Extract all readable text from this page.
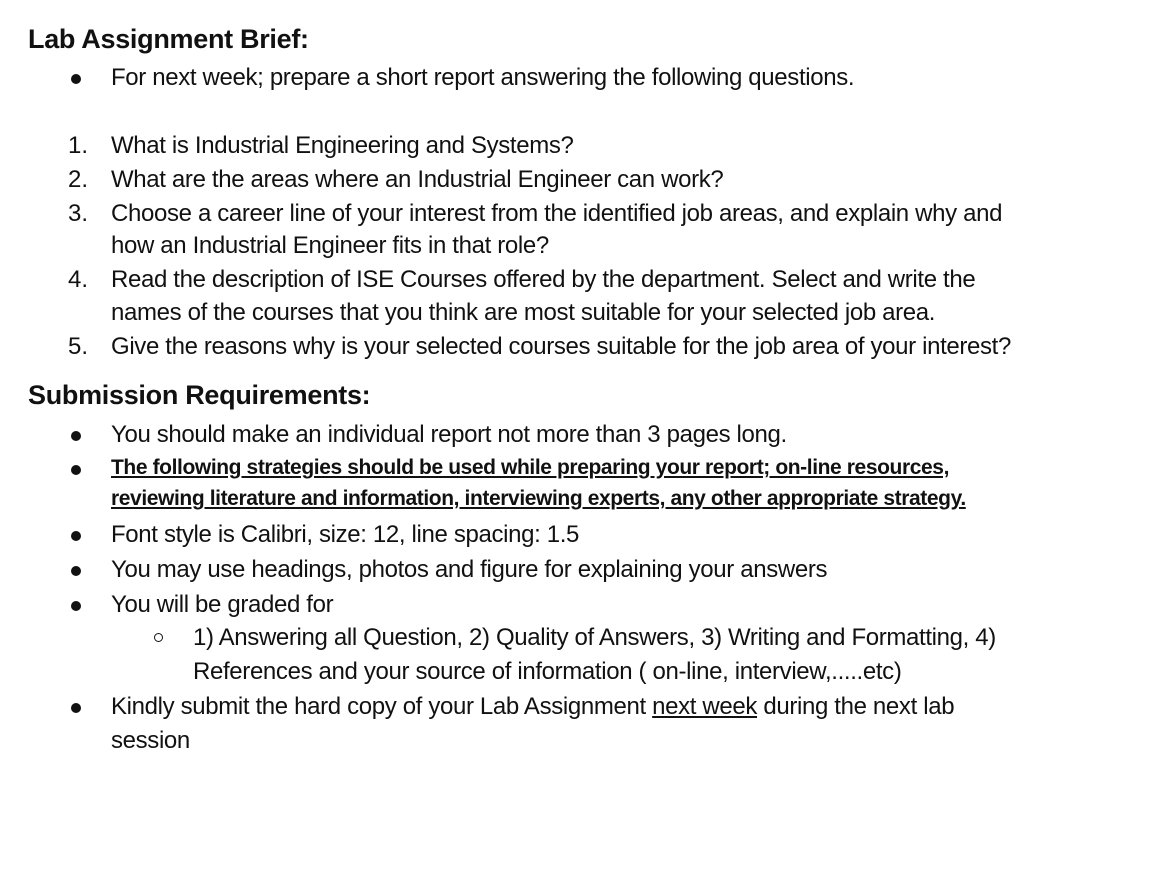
Lab Assignment Brief:
For next week; prepare a short report answering the following questions.
1. What is Industrial Engineering and Systems?
2. What are the areas where an Industrial Engineer can work?
3. Choose a career line of your interest from the identified job areas, and explain why and
how an Industrial Engineer fits in that role?
4. Read the description of ISE Courses offered by the department. Select and write the
names of the courses that you think are most suitable for your selected job area.
5. Give the reasons why is your selected courses suitable for the job area of your interest?
Submission Requirements:
You should make an individual report not more than 3 pages long.
The following strategies should be used while preparing your report; on-line resources,
reviewing literature and information, interviewing experts, any other appropriate strategy.
Font style is Calibri, size: 12, line spacing: 1.5
You may use headings, photos and figure for explaining your answers
You will be graded for
1) Answering all Question, 2) Quality of Answers, 3) Writing and Formatting, 4)
References and your source of information ( on-line, interview,.....etc)
Kindly submit the hard copy of your Lab Assignment next week during the next lab
session
